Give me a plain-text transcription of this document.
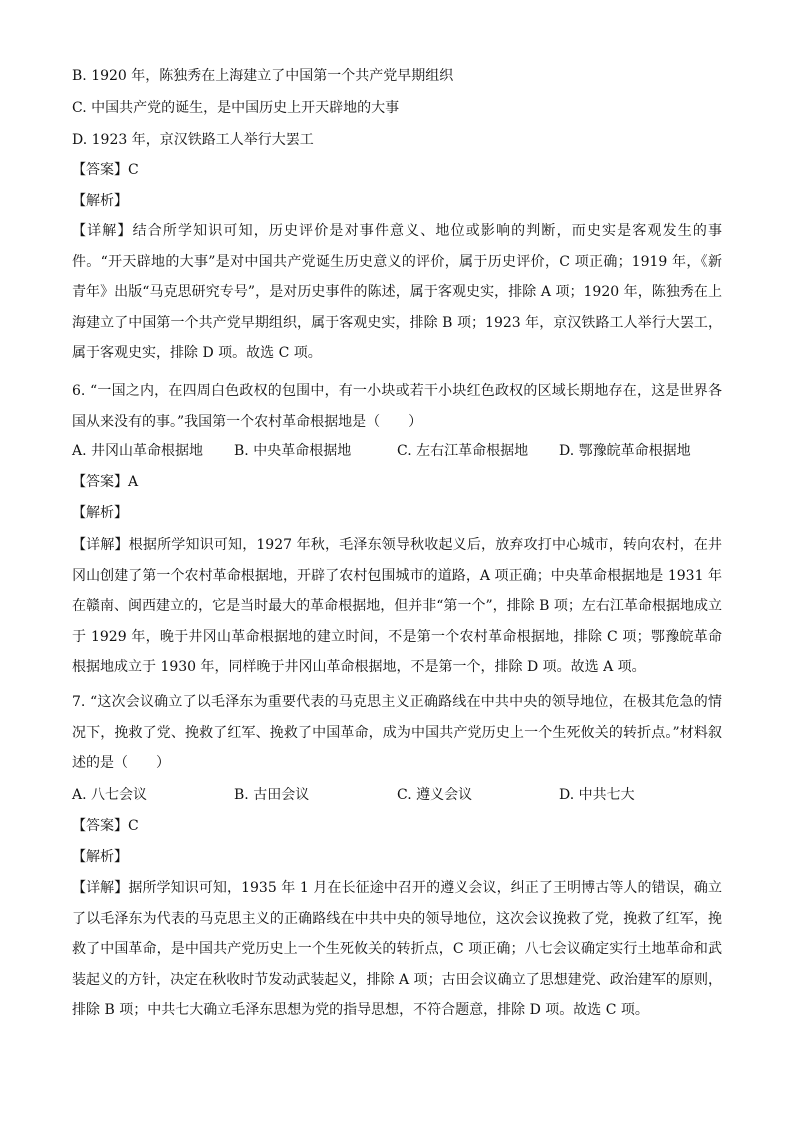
B. 1920 年，陈独秀在上海建立了中国第一个共产党早期组织
C. 中国共产党的诞生，是中国历史上开天辟地的大事
D. 1923 年，京汉铁路工人举行大罢工
【答案】C
【解析】
【详解】结合所学知识可知，历史评价是对事件意义、地位或影响的判断，而史实是客观发生的事件。“开天辟地的大事”是对中国共产党诞生历史意义的评价，属于历史评价，C 项正确；1919 年，《新青年》出版“马克思研究专号”，是对历史事件的陈述，属于客观史实，排除 A 项；1920 年，陈独秀在上海建立了中国第一个共产党早期组织，属于客观史实，排除 B 项；1923 年，京汉铁路工人举行大罢工，属于客观史实，排除 D 项。故选 C 项。
6. “一国之内，在四周白色政权的包围中，有一小块或若干小块红色政权的区域长期地存在，这是世界各国从来没有的事。”我国第一个农村革命根据地是（　　）
A. 井冈山革命根据地 B. 中央革命根据地	C. 左右江革命根据地 D. 鄂豫皖革命根据地
【答案】A
【解析】
【详解】根据所学知识可知，1927 年秋，毛泽东领导秋收起义后，放弃攻打中心城市，转向农村，在井冈山创建了第一个农村革命根据地，开辟了农村包围城市的道路，A 项正确；中央革命根据地是 1931 年在赣南、闽西建立的，它是当时最大的革命根据地，但并非“第一个”，排除 B 项；左右江革命根据地成立于 1929 年，晚于井冈山革命根据地的建立时间，不是第一个农村革命根据地，排除 C 项；鄂豫皖革命根据地成立于 1930 年，同样晚于井冈山革命根据地，不是第一个，排除 D 项。故选 A 项。
7. “这次会议确立了以毛泽东为重要代表的马克思主义正确路线在中共中央的领导地位，在极其危急的情况下，挽救了党、挽救了红军、挽救了中国革命，成为中国共产党历史上一个生死攸关的转折点。”材料叙述的是（　　）
A. 八七会议	B. 古田会议	C. 遵义会议	D. 中共七大
【答案】C
【解析】
【详解】据所学知识可知，1935 年 1 月在长征途中召开的遵义会议，纠正了王明博古等人的错误，确立了以毛泽东为代表的马克思主义的正确路线在中共中央的领导地位，这次会议挽救了党，挽救了红军，挽救了中国革命，是中国共产党历史上一个生死攸关的转折点，C 项正确；八七会议确定实行土地革命和武装起义的方针，决定在秋收时节发动武装起义，排除 A 项；古田会议确立了思想建党、政治建军的原则，排除 B 项；中共七大确立毛泽东思想为党的指导思想，不符合题意，排除 D 项。故选 C 项。
